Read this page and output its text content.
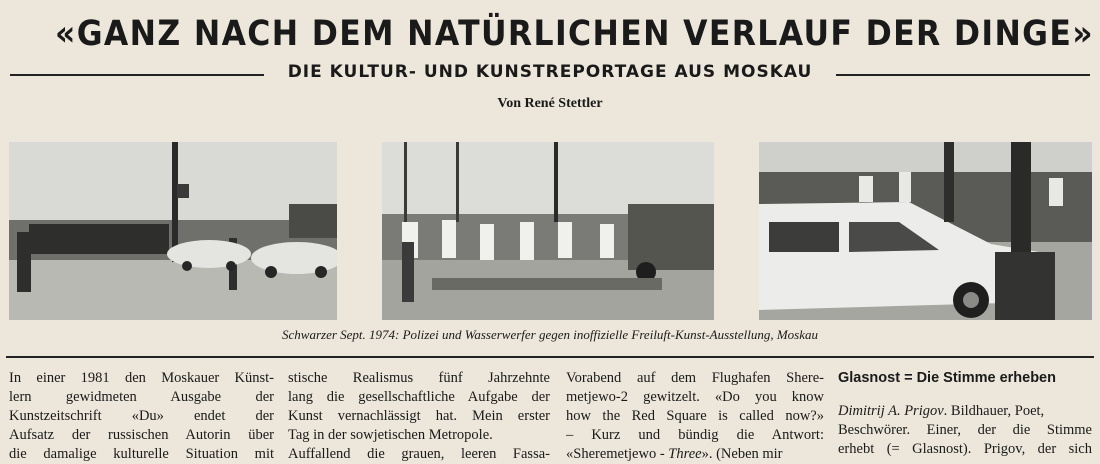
«GANZ NACH DEM NATÜRLICHEN VERLAUF DER DINGE»
DIE KULTUR- UND KUNSTREPORTAGE AUS MOSKAU
Von René Stettler
Schwarzer Sept. 1974: Polizei und Wasserwerfer gegen inoffizielle Freiluft-Kunst-Ausstellung, Moskau
In einer 1981 den Moskauer Künst-
lern gewidmeten Ausgabe der
Kunstzeitschrift «Du» endet der
Aufsatz der russischen Autorin über
die damalige kulturelle Situation mit
stische Realismus fünf Jahrzehnte
lang die gesellschaftliche Aufgabe der
Kunst vernachlässigt hat. Mein erster
Tag in der sowjetischen Metropole.
Auffallend die grauen, leeren Fassa-
Vorabend auf dem Flughafen Shere-
metjewo-2 gewitzelt. «Do you know
how the Red Square is called now?»
– Kurz und bündig die Antwort:
«Sheremetjewo - Three». (Neben mir
Glasnost = Die Stimme erheben
Dimitrij A. Prigov. Bildhauer, Poet,
Beschwörer. Einer, der die Stimme
erhebt (= Glasnost). Prigov, der sich
